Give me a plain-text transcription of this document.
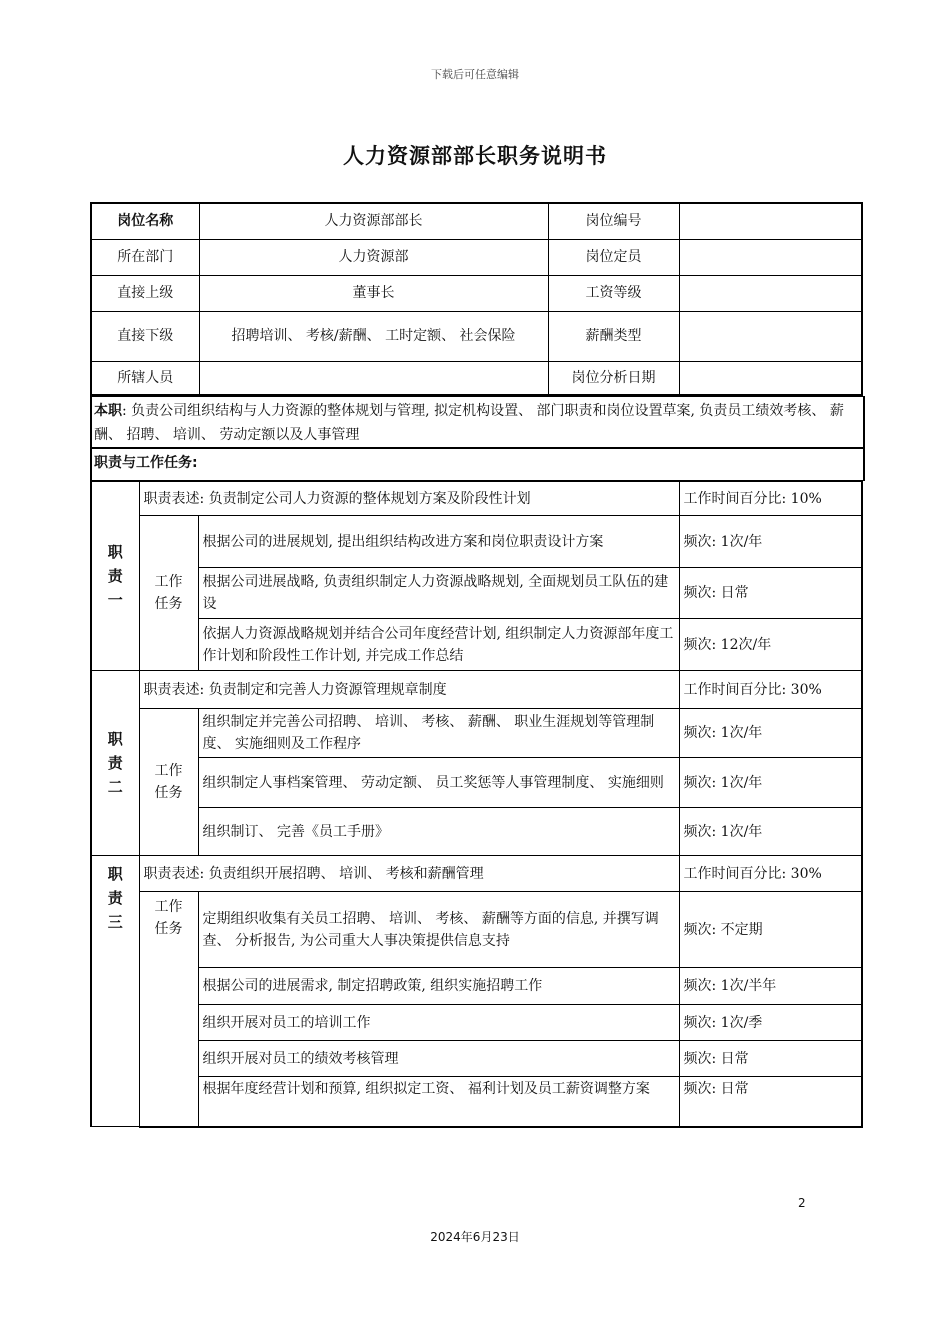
下载后可任意编辑
人力资源部部长职务说明书
岗位名称	人力资源部部长	岗位编号	
所在部门	人力资源部	岗位定员	
直接上级	董事长	工资等级	
直接下级	招聘培训、 考核/薪酬、 工时定额、 社会保险	薪酬类型	
所辖人员		岗位分析日期	
本职: 负责公司组织结构与人力资源的整体规划与管理, 拟定机构设置、 部门职责和岗位设置草案, 负责员工绩效考核、 薪酬、 招聘、 培训、 劳动定额以及人事管理
职责与工作任务:
职
责
一	职责表述: 负责制定公司人力资源的整体规划方案及阶段性计划		工作时间百分比: 10%
	工作
任务	根据公司的进展规划, 提出组织结构改进方案和岗位职责设计方案	频次: 1次/年
		根据公司进展战略, 负责组织制定人力资源战略规划, 全面规划员工队伍的建设	频次: 日常
		依据人力资源战略规划并结合公司年度经营计划, 组织制定人力资源部年度工作计划和阶段性工作计划, 并完成工作总结	频次: 12次/年
职
责
二	职责表述: 负责制定和完善人力资源管理规章制度		工作时间百分比: 30%
	工作
任务	组织制定并完善公司招聘、 培训、 考核、 薪酬、 职业生涯规划等管理制度、 实施细则及工作程序	频次: 1次/年
		组织制定人事档案管理、 劳动定额、 员工奖惩等人事管理制度、 实施细则	频次: 1次/年
		组织制订、 完善《员工手册》	频次: 1次/年
职
责
三	职责表述: 负责组织开展招聘、 培训、 考核和薪酬管理		工作时间百分比: 30%
	工作
任务	定期组织收集有关员工招聘、 培训、 考核、 薪酬等方面的信息, 并撰写调查、 分析报告, 为公司重大人事决策提供信息支持	频次: 不定期
		根据公司的进展需求, 制定招聘政策, 组织实施招聘工作	频次: 1次/半年
		组织开展对员工的培训工作	频次: 1次/季
		组织开展对员工的绩效考核管理	频次: 日常
		根据年度经营计划和预算, 组织拟定工资、 福利计划及员工薪资调整方案	频次: 日常
2
2024年6月23日
